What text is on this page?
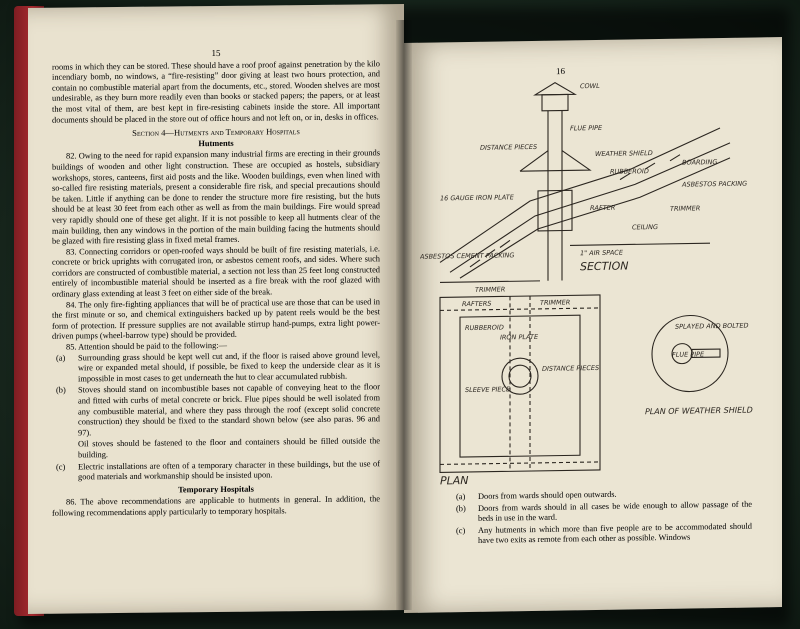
15

rooms in which they can be stored. These should have a roof proof against penetration by the kilo incendiary bomb, no windows, a “fire-resisting” door giving at least two hours protection, and contain no combustible material apart from the documents, etc., stored. Wooden shelves are most undesirable, as they burn more readily even than books or stacked papers; the papers, or at least the most vital of them, are best kept in fire-resisting cabinets inside the store. All important documents should be placed in the store out of office hours and not left on, or in, desks in offices.

Section 4—Hutments and Temporary Hospitals
Hutments

82. Owing to the need for rapid expansion many industrial firms are erecting in their grounds buildings of wooden and other light construction. These are occupied as hostels, subsidiary workshops, stores, canteens, first aid posts and the like. Wooden buildings, even when lined with so-called fire resisting materials, present a considerable fire risk, and special precautions should be taken. Little if anything can be done to render the structure more fire resisting, but the huts should be at least 30 feet from each other as well as from the main buildings. Fire would spread very rapidly should one of these get alight. If it is not possible to keep all hutments clear of the main building, then any windows in the portion of the main building facing the hutments should be glazed with fire resisting glass in fixed metal frames.

83. Connecting corridors or open-roofed ways should be built of fire resisting materials, i.e. concrete or brick uprights with corrugated iron, or asbestos cement roofs, and sides. Where such corridors are constructed of combustible material, a section not less than 25 feet long constructed entirely of incombustible material should be inserted as a fire break with the roof glazed with ordinary glass extending at least 3 feet on either side of the break.

84. The only fire-fighting appliances that will be of practical use are those that can be used in the first minute or so, and chemical extinguishers backed up by patent reels would be the best form of protection. If pressure supplies are not available stirrup hand-pumps, extra light power-driven pumps (wheel-barrow type) should be provided.

85. Attention should be paid to the following:—

(a)	Surrounding grass should be kept well cut and, if the floor is raised above ground level, wire or expanded metal should, if possible, be fixed to keep the underside clear as it is impossible in most cases to get underneath the hut to clear accumulated rubbish.
(b)	Stoves should stand on incombustible bases not capable of conveying heat to the floor and fitted with curbs of metal concrete or brick. Flue pipes should be well isolated from any combustible material, and where they pass through the roof (except solid concrete construction) they should be fixed to the standard shown below (see also paras. 96 and 97).
Oil stoves should be fastened to the floor and containers should be filled outside the building.
(c)	Electric installations are often of a temporary character in these buildings, but the use of good materials and workmanship should be insisted upon.
Temporary Hospitals

86. The above recommendations are applicable to hutments in general. In addition, the following recommendations apply particularly to temporary hospitals.

16
COWL
FLUE PIPE
WEATHER SHIELD
DISTANCE PIECES
RUBBEROID
BOARDING
16 GAUGE IRON PLATE
ASBESTOS PACKING
RAFTER	TRIMMER
CEILING
1" AIR SPACE
ASBESTOS CEMENT PACKING
TRIMMER
SECTION
RAFTERS	TRIMMER
RUBBEROID
IRON PLATE
DISTANCE PIECES
SLEEVE PIECE
SPLAYED AND BOLTED
FLUE PIPE
PLAN
PLAN OF WEATHER SHIELD
(a)	Doors from wards should open outwards.
(b)	Doors from wards should in all cases be wide enough to allow passage of the beds in use in the ward.
(c)	Any hutments in which more than five people are to be accommodated should have two exits as remote from each other as possible. Windows
